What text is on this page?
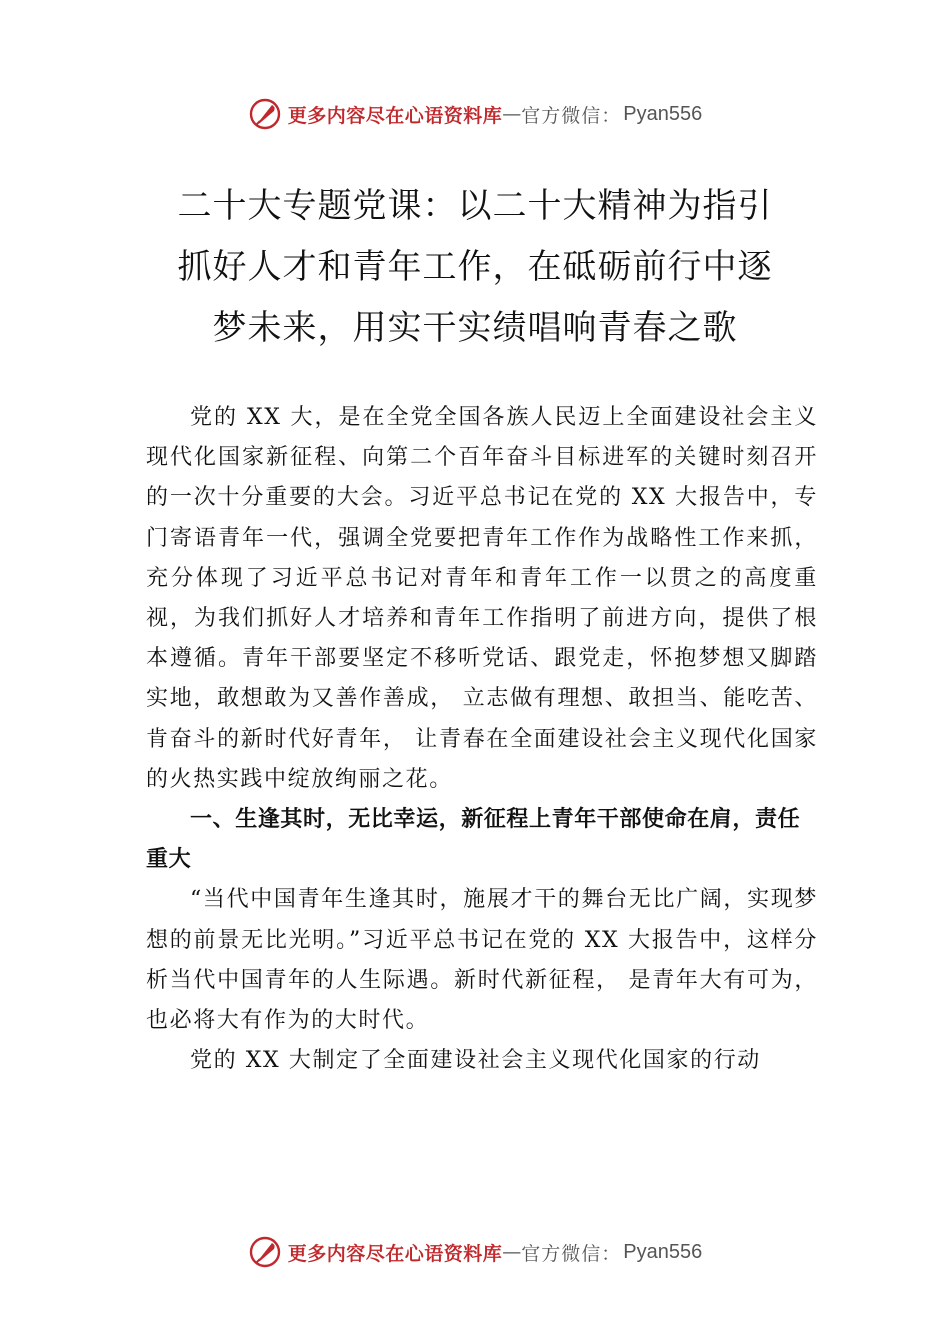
更多内容尽在心语资料库 — 官方微信： Pyan556
二十大专题党课：以二十大精神为指引
抓好人才和青年工作，在砥砺前行中逐
梦未来，用实干实绩唱响青春之歌

党的 XX 大，是在全党全国各族人民迈上全面建设社会主义现代化国家新征程、向第二个百年奋斗目标进军的关键时刻召开的一次十分重要的大会。习近平总书记在党的 XX 大报告中，专门寄语青年一代，强调全党要把青年工作作为战略性工作来抓，充分体现了习近平总书记对青年和青年工作一以贯之的高度重视，为我们抓好人才培养和青年工作指明了前进方向，提供了根本遵循。青年干部要坚定不移听党话、跟党走，怀抱梦想又脚踏实地，敢想敢为又善作善成， 立志做有理想、敢担当、能吃苦、肯奋斗的新时代好青年， 让青春在全面建设社会主义现代化国家的火热实践中绽放绚丽之花。

一、生逢其时，无比幸运，新征程上青年干部使命在肩，责任重大

“当代中国青年生逢其时，施展才干的舞台无比广阔，实现梦想的前景无比光明。”习近平总书记在党的 XX 大报告中，这样分析当代中国青年的人生际遇。新时代新征程， 是青年大有可为，也必将大有作为的大时代。

党的 XX 大制定了全面建设社会主义现代化国家的行动

更多内容尽在心语资料库 — 官方微信： Pyan556
